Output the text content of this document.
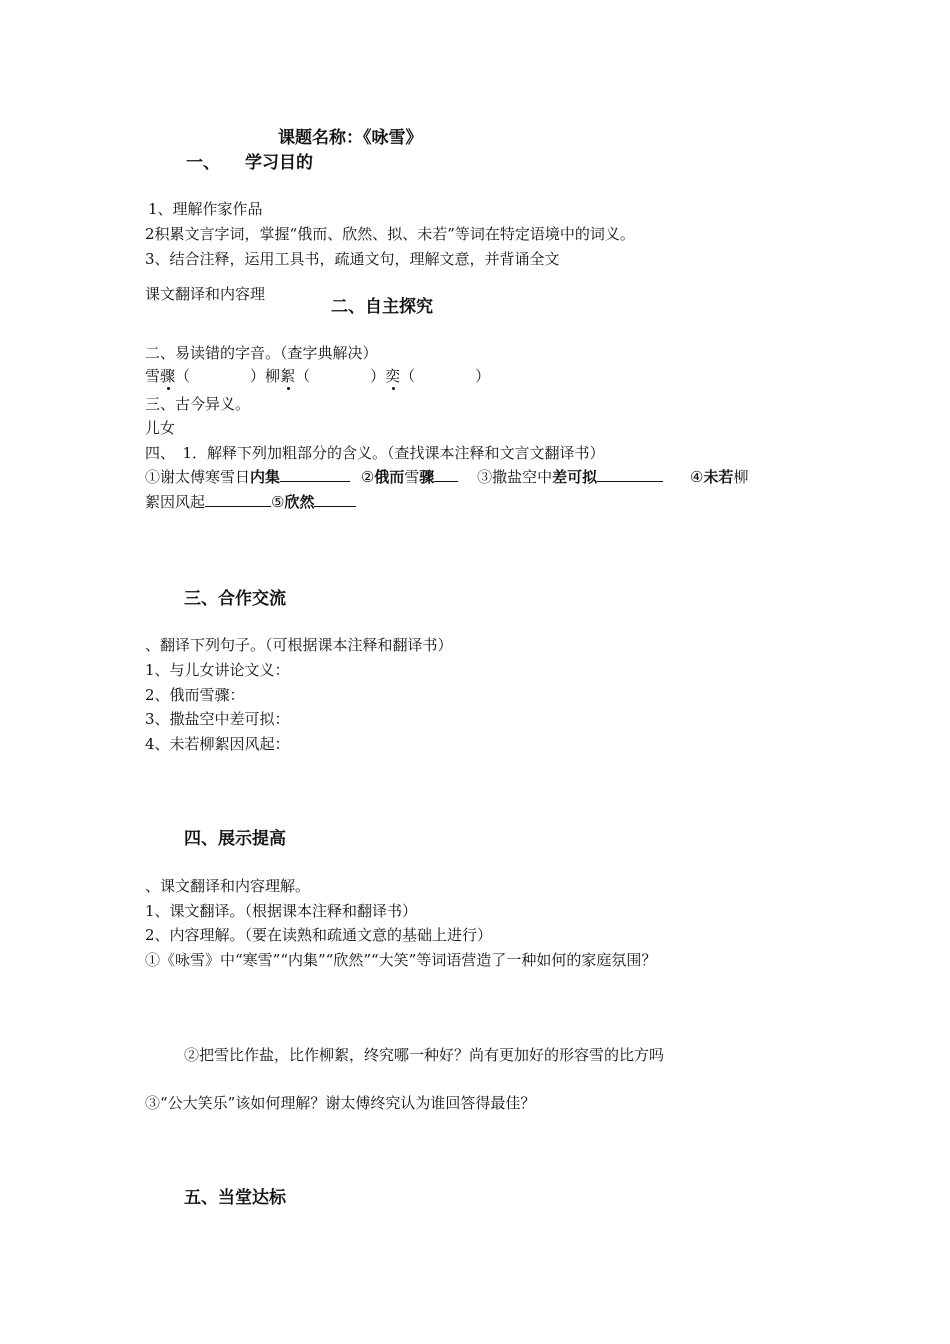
课题名称：《咏雪》
一、 学习目的
1、理解作家作品
2积累文言字词，掌握“俄而、欣然、拟、未若”等词在特定语境中的词义。
3、结合注释，运用工具书，疏通文句，理解文意，并背诵全文
课文翻译和内容理
二、自主探究
二、易读错的字音。（查字典解决）
雪骤（　　　　）柳絮（　　　　）奕（　　　　）
三、古今异义。
儿女
四、　1．解释下列加粗部分的含义。（查找课本注释和文言文翻译书）
①谢太傅寒雪日内集	②俄而雪骤	③撒盐空中差可拟	④未若柳
絮因风起	⑤欣然
三、合作交流
、翻译下列句子。（可根据课本注释和翻译书）
1、与儿女讲论文义：
2、俄而雪骤：
3、撒盐空中差可拟：
4、未若柳絮因风起：
四、展示提高
、课文翻译和内容理解。
1、课文翻译。（根据课本注释和翻译书）
2、内容理解。（要在读熟和疏通文意的基础上进行）
①《咏雪》中“寒雪”“内集”“欣然”“大笑”等词语营造了一种如何的家庭氛围？
②把雪比作盐，比作柳絮，终究哪一种好？尚有更加好的形容雪的比方吗
③“公大笑乐”该如何理解？谢太傅终究认为谁回答得最佳？
五、当堂达标
